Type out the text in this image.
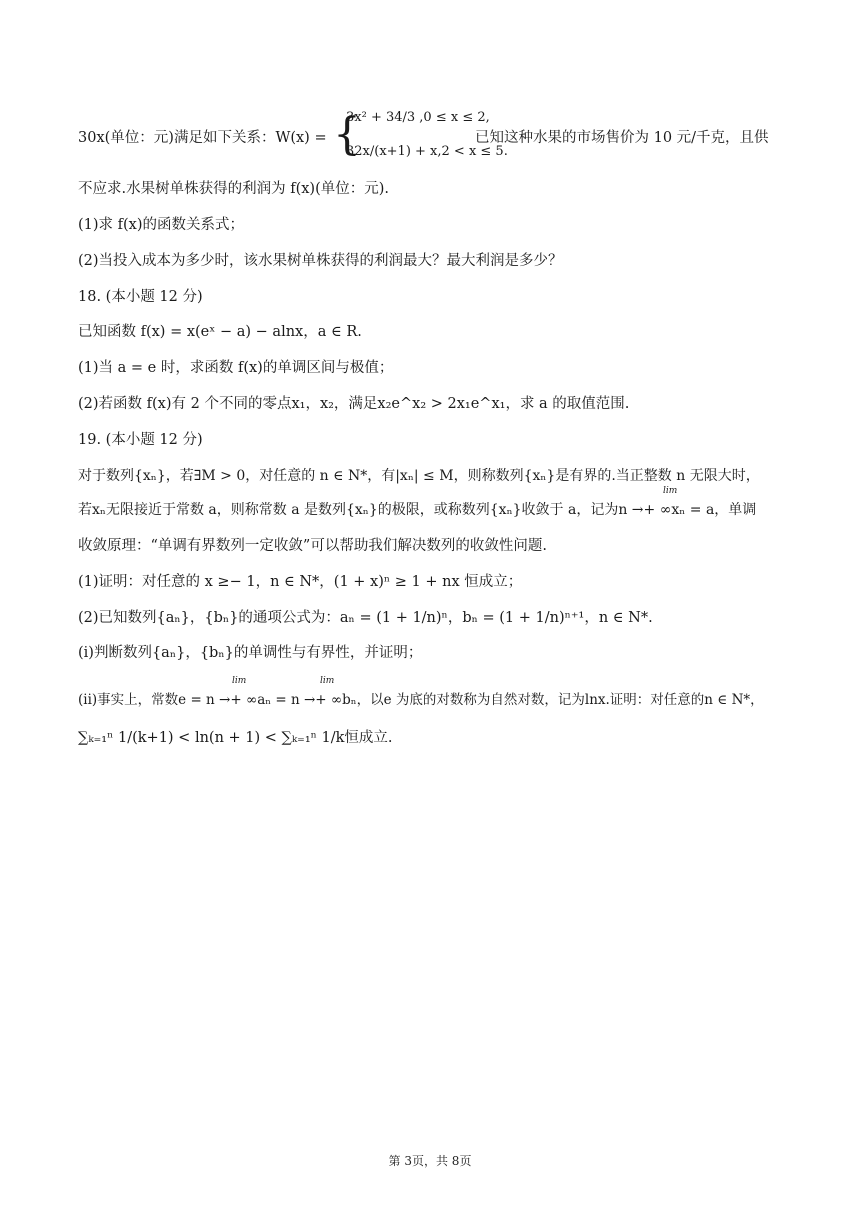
30x(单位：元)满足如下关系：W(x) = {
3x² + 34/3 ,0 ≤ x ≤ 2,
32x/(x+1) + x,2 < x ≤ 5.
已知这种水果的市场售价为 10 元/千克，且供
不应求.水果树单株获得的利润为 f(x)(单位：元).
(1)求 f(x)的函数关系式；
(2)当投入成本为多少时，该水果树单株获得的利润最大？最大利润是多少？
18. (本小题 12 分)
已知函数 f(x) = x(eˣ − a) − alnx，a ∈ R.
(1)当 a = e 时，求函数 f(x)的单调区间与极值；
(2)若函数 f(x)有 2 个不同的零点x₁，x₂，满足x₂e^x₂ > 2x₁e^x₁，求 a 的取值范围.
19. (本小题 12 分)
对于数列{xₙ}，若∃M > 0，对任意的 n ∈ N*，有|xₙ| ≤ M，则称数列{xₙ}是有界的.当正整数 n 无限大时，
lim
若xₙ无限接近于常数 a，则称常数 a 是数列{xₙ}的极限，或称数列{xₙ}收敛于 a，记为n →+ ∞xₙ = a，单调
收敛原理：“单调有界数列一定收敛”可以帮助我们解决数列的收敛性问题.
(1)证明：对任意的 x ≥− 1，n ∈ N*，(1 + x)ⁿ ≥ 1 + nx 恒成立；
(2)已知数列{aₙ}，{bₙ}的通项公式为：aₙ = (1 + 1/n)ⁿ，bₙ = (1 + 1/n)ⁿ⁺¹，n ∈ N*.
(i)判断数列{aₙ}，{bₙ}的单调性与有界性，并证明；
lim	lim
(ii)事实上，常数e = n →+ ∞aₙ = n →+ ∞bₙ，以e 为底的对数称为自然对数，记为lnx.证明：对任意的n ∈ N*，
∑ₖ₌₁ⁿ 1/(k+1) < ln(n + 1) < ∑ₖ₌₁ⁿ 1/k恒成立.
第 3页，共 8页
